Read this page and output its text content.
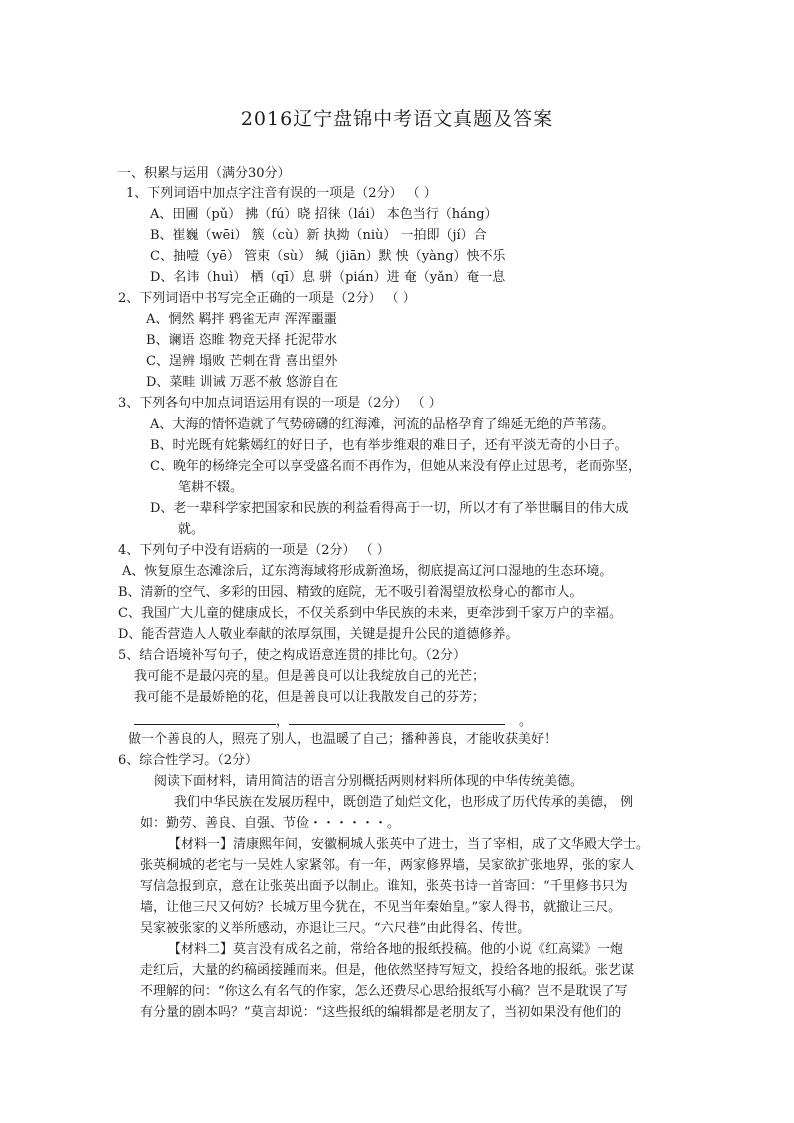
2016辽宁盘锦中考语文真题及答案
一、积累与运用（满分30分）
1、下列词语中加点字注音有误的一项是（2分） （ ）
A、田圃（pǔ） 拂（fú）晓 招徕（lái） 本色当行（háng）
B、崔巍（wēi） 簇（cù）新 执拗（niù） 一拍即（jí）合
C、抽噎（yē） 管束（sù） 缄（jiān）默 怏（yàng）怏不乐
D、名讳（huì） 栖（qī）息 骈（pián）进 奄（yǎn）奄一息
2、下列词语中书写完全正确的一项是（2分） （ ）
A、惘然 羁拌 鸦雀无声 浑浑噩噩
B、谰语 恣睢 物竞天择 托泥带水
C、逞辨 塌败 芒刺在背 喜出望外
D、菜畦 训诫 万恶不赦 悠游自在
3、下列各句中加点词语运用有误的一项是（2分） （ ）
A、大海的情怀造就了气势磅礴的红海滩，河流的品格孕育了绵延无绝的芦苇荡。
B、时光既有姹紫嫣红的好日子，也有举步维艰的难日子，还有平淡无奇的小日子。
C、晚年的杨绛完全可以享受盛名而不再作为，但她从来没有停止过思考，老而弥坚，
笔耕不辍。
D、老一辈科学家把国家和民族的利益看得高于一切，所以才有了举世瞩目的伟大成
就。
4、下列句子中没有语病的一项是（2分） （ ）
A、恢复原生态滩涂后，辽东湾海域将形成新渔场，彻底提高辽河口湿地的生态环境。
B、清新的空气、多彩的田园、精致的庭院，无不吸引着渴望放松身心的都市人。
C、我国广大儿童的健康成长，不仅关系到中华民族的未来，更牵涉到千家万户的幸福。
D、能否营造人人敬业奉献的浓厚氛围，关键是提升公民的道德修养。
5、结合语境补写句子，使之构成语意连贯的排比句。（2分）
我可能不是最闪亮的星。但是善良可以让我绽放自己的光芒；
我可能不是最娇艳的花，但是善良可以让我散发自己的芬芳；
，	。
做一个善良的人，照亮了别人，也温暖了自己；播种善良，才能收获美好！
6、综合性学习。（2分）
阅读下面材料，请用简洁的语言分别概括两则材料所体现的中华传统美德。
我们中华民族在发展历程中，既创造了灿烂文化，也形成了历代传承的美德， 例
如：勤劳、善良、自强、节俭・・・・・・。
【材料一】清康熙年间，安徽桐城人张英中了进士，当了宰相，成了文华殿大学士。
张英桐城的老宅与一吴姓人家紧邻。有一年，两家修界墙，吴家欲扩张地界，张的家人
写信急报到京，意在让张英出面予以制止。谁知，张英书诗一首寄回：“千里修书只为
墙，让他三尺又何妨？长城万里今犹在，不见当年秦始皇。”家人得书，就撤让三尺。
吴家被张家的义举所感动，亦退让三尺。“六尺巷”由此得名、传世。
【材料二】莫言没有成名之前，常给各地的报纸投稿。他的小说《红高粱》一炮
走红后，大量的约稿函接踵而来。但是，他依然坚持写短文，投给各地的报纸。张艺谋
不理解的问：“你这么有名气的作家，怎么还费尽心思给报纸写小稿？岂不是耽误了写
有分量的剧本吗？”莫言却说：“这些报纸的编辑都是老朋友了，当初如果没有他们的
